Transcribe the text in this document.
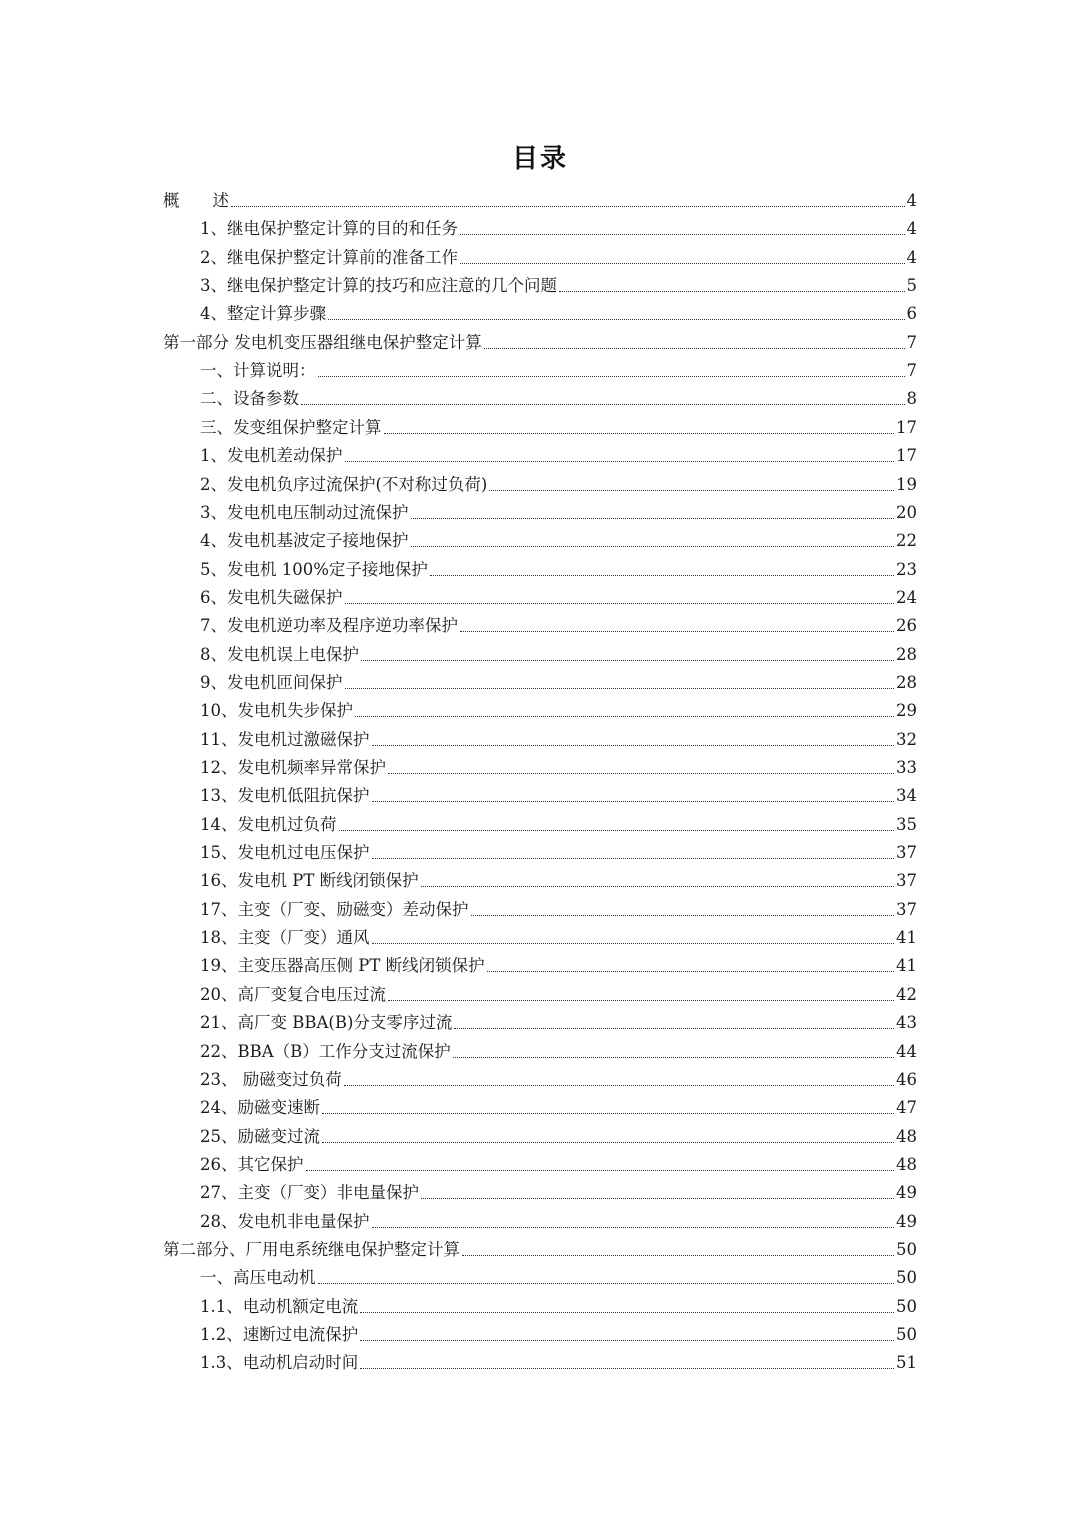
目录
概　　述	4
1、继电保护整定计算的目的和任务	4
2、继电保护整定计算前的准备工作	4
3、继电保护整定计算的技巧和应注意的几个问题	5
4、整定计算步骤	6
第一部分 发电机变压器组继电保护整定计算	7
一、计算说明：	7
二、设备参数	8
三、发变组保护整定计算	17
1、发电机差动保护	17
2、发电机负序过流保护(不对称过负荷)	19
3、发电机电压制动过流保护	20
4、发电机基波定子接地保护	22
5、发电机 100%定子接地保护	23
6、发电机失磁保护	24
7、发电机逆功率及程序逆功率保护	26
8、发电机误上电保护	28
9、发电机匝间保护	28
10、发电机失步保护	29
11、发电机过激磁保护	32
12、发电机频率异常保护	33
13、发电机低阻抗保护	34
14、发电机过负荷	35
15、发电机过电压保护	37
16、发电机 PT 断线闭锁保护	37
17、主变（厂变、励磁变）差动保护	37
18、主变（厂变）通风	41
19、主变压器高压侧 PT 断线闭锁保护	41
20、高厂变复合电压过流	42
21、高厂变 BBA(B)分支零序过流	43
22、BBA（B）工作分支过流保护	44
23、 励磁变过负荷	46
24、励磁变速断	47
25、励磁变过流	48
26、其它保护	48
27、主变（厂变）非电量保护	49
28、发电机非电量保护	49
第二部分、厂用电系统继电保护整定计算	50
一、高压电动机	50
1.1、电动机额定电流	50
1.2、速断过电流保护	50
1.3、电动机启动时间	51
